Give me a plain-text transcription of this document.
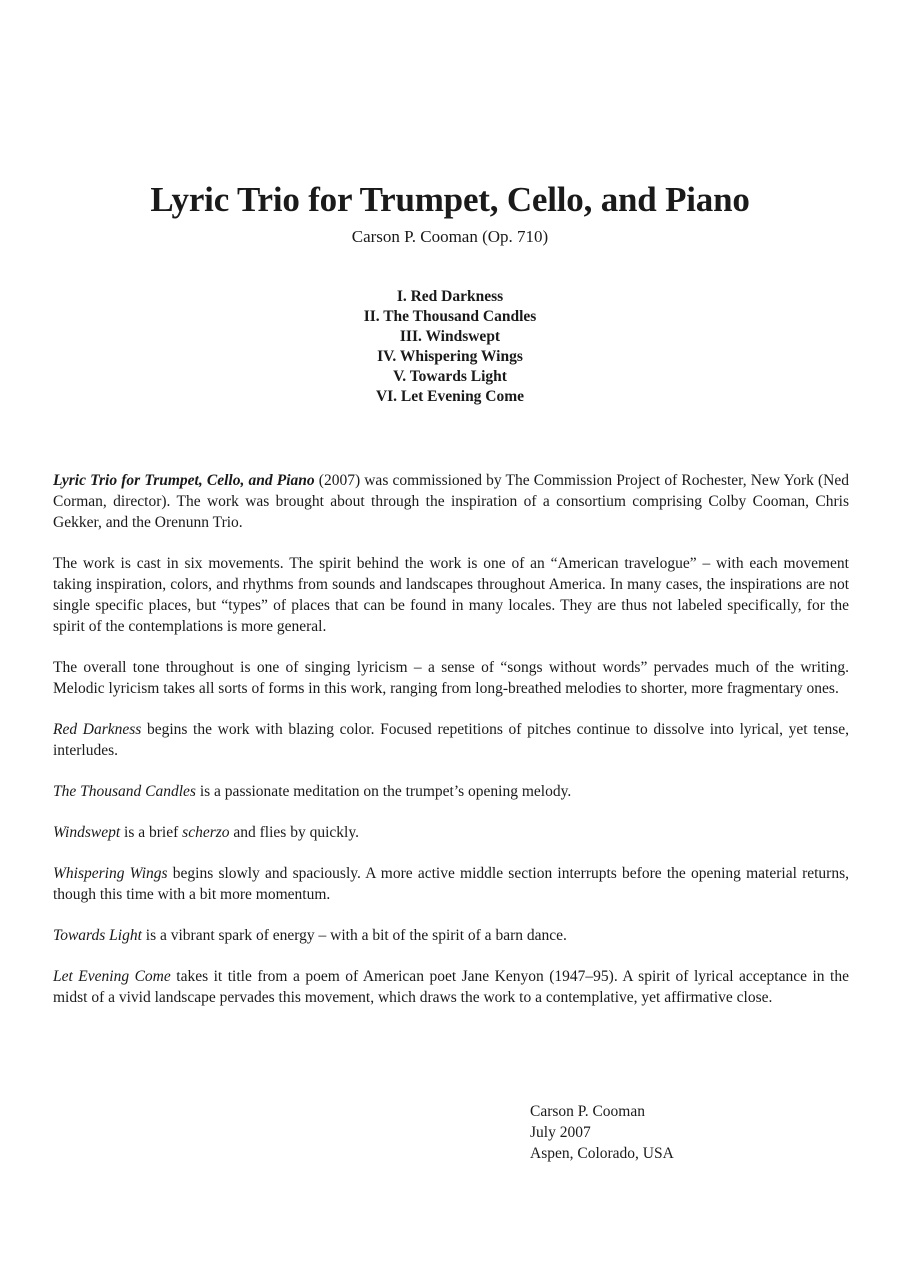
Lyric Trio for Trumpet, Cello, and Piano
Carson P. Cooman (Op. 710)
I. Red Darkness
II. The Thousand Candles
III. Windswept
IV. Whispering Wings
V. Towards Light
VI. Let Evening Come

Lyric Trio for Trumpet, Cello, and Piano (2007) was commissioned by The Commission Project of Rochester, New York (Ned Corman, director). The work was brought about through the inspiration of a consortium comprising Colby Cooman, Chris Gekker, and the Orenunn Trio.

The work is cast in six movements. The spirit behind the work is one of an “American travelogue” – with each movement taking inspiration, colors, and rhythms from sounds and landscapes throughout America. In many cases, the inspirations are not single specific places, but “types” of places that can be found in many locales. They are thus not labeled specifically, for the spirit of the contemplations is more general.

The overall tone throughout is one of singing lyricism – a sense of “songs without words” pervades much of the writing. Melodic lyricism takes all sorts of forms in this work, ranging from long-breathed melodies to shorter, more fragmentary ones.

Red Darkness begins the work with blazing color. Focused repetitions of pitches continue to dissolve into lyrical, yet tense, interludes.

The Thousand Candles is a passionate meditation on the trumpet’s opening melody.

Windswept is a brief scherzo and flies by quickly.

Whispering Wings begins slowly and spaciously. A more active middle section interrupts before the opening material returns, though this time with a bit more momentum.

Towards Light is a vibrant spark of energy – with a bit of the spirit of a barn dance.

Let Evening Come takes it title from a poem of American poet Jane Kenyon (1947–95). A spirit of lyrical acceptance in the midst of a vivid landscape pervades this movement, which draws the work to a contemplative, yet affirmative close.

Carson P. Cooman
July 2007
Aspen, Colorado, USA
